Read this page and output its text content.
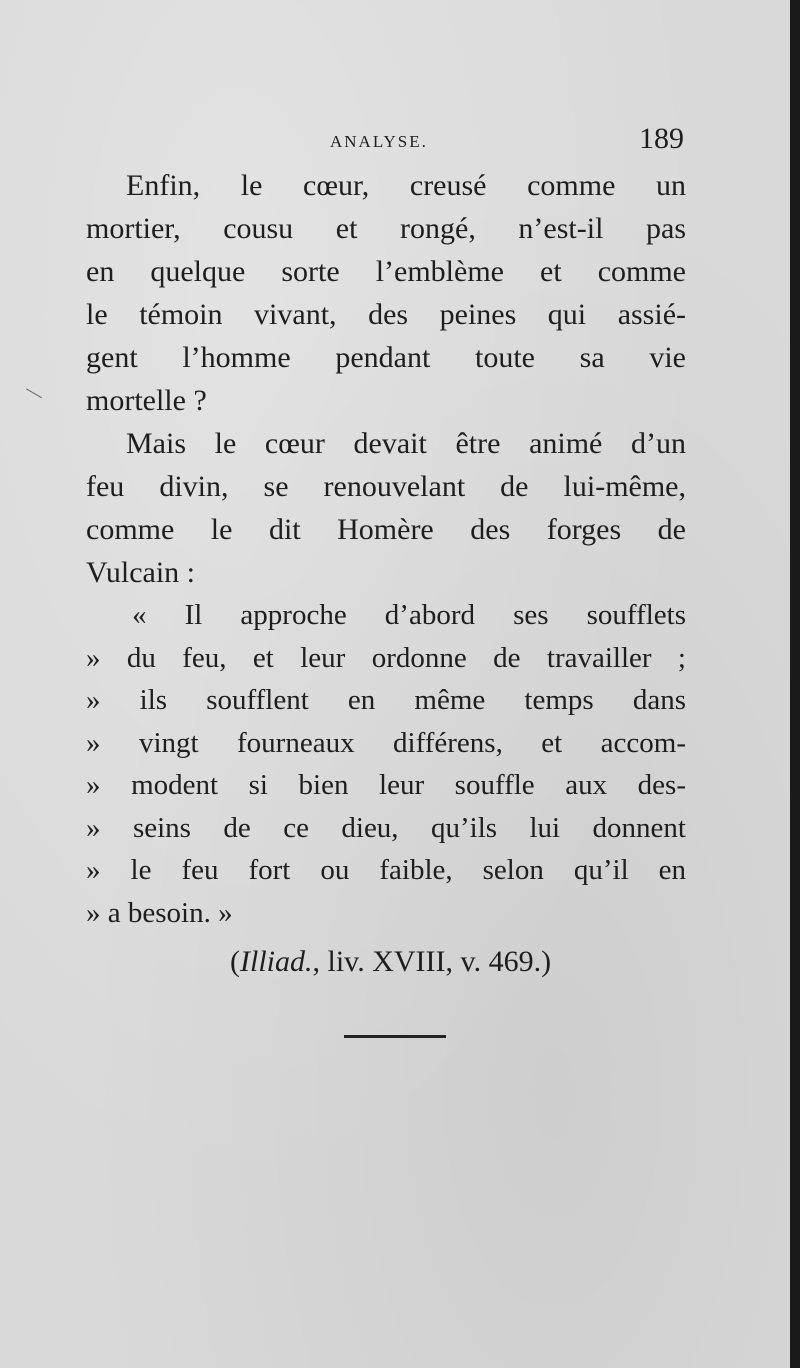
ANALYSE.	189
Enfin, le cœur, creusé comme un
mortier, cousu et rongé, n’est-il pas
en quelque sorte l’emblème et comme
le témoin vivant, des peines qui assié-
gent l’homme pendant toute sa vie
mortelle ?
Mais le cœur devait être animé d’un
feu divin, se renouvelant de lui-même,
comme le dit Homère des forges de
Vulcain :
« Il approche d’abord ses soufflets
» du feu, et leur ordonne de travailler ;
» ils soufflent en même temps dans
» vingt fourneaux différens, et accom-
» modent si bien leur souffle aux des-
» seins de ce dieu, qu’ils lui donnent
» le feu fort ou faible, selon qu’il en
» a besoin. »
(Illiad., liv. XVIII, v. 469.)
